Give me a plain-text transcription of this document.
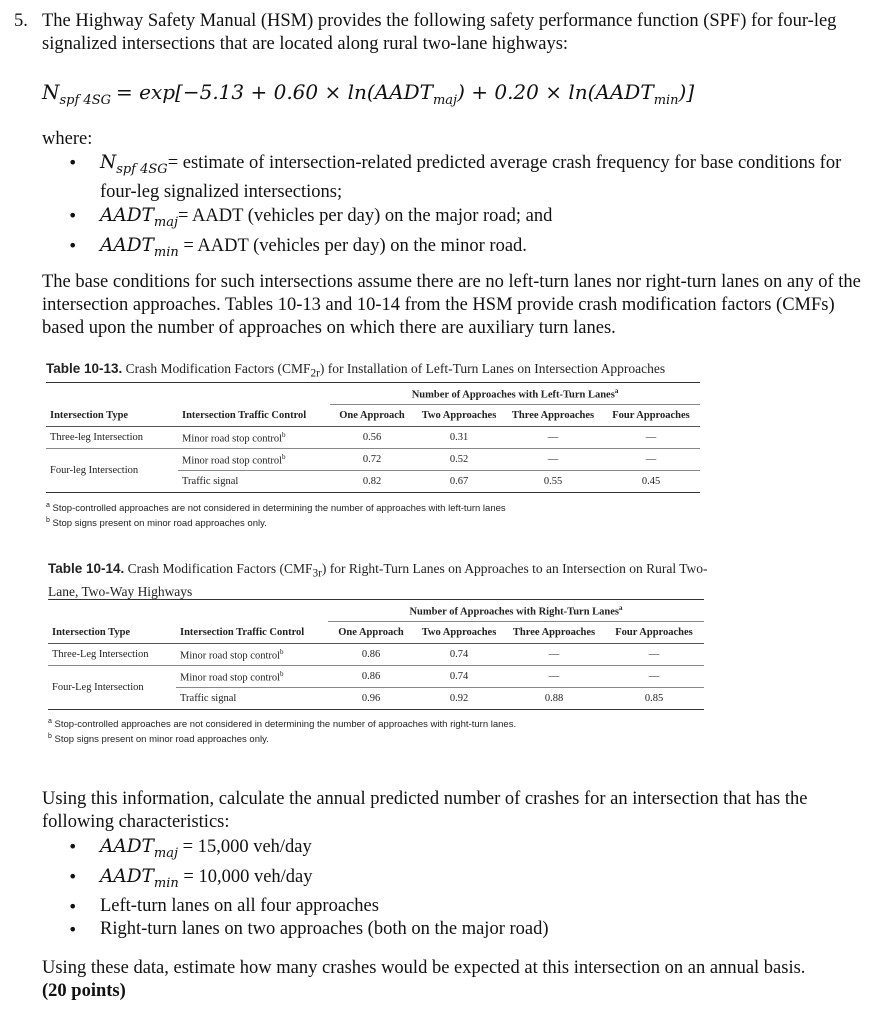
5. The Highway Safety Manual (HSM) provides the following safety performance function (SPF) for four-leg signalized intersections that are located along rural two-lane highways:
$N_{spf 4SG} = \exp[-5.13 + 0.60$ × $\ln(AADT_{maj}) + 0.20$ × $\ln(AADT_{min})$]
where:
• $N_{spf 4SG}=$ estimate of intersection-related predicted average crash frequency for base conditions for four-leg signalized intersections;
• $AADT_{maj}=$ AADT (vehicles per day) on the major road; and
• $AADT_{min}$ = AADT (vehicles per day) on the minor road.
The base conditions for such intersections assume there are no left-turn lanes nor right-turn lanes on any of the intersection approaches. Tables 10-13 and 10-14 from the HSM provide crash modification factors (CMFs) based upon the number of approaches on which there are auxiliary turn lanes.
Table 10-13. Crash Modification Factors $(CMF_{2r})$ for Installation of Left-Turn Lanes on Intersection Approaches
		Number of Approaches with Left-Turn Lanes$^a$
Intersection Type	Intersection Traffic Control	One Approach	Two Approaches	Three Approaches	Four Approaches
Three-leg Intersection	Minor road stop control$^b$	0.56	0.31	—	—
Four-leg Intersection	Minor road stop control$^b$	0.72	0.52	—	—
	Traffic signal	0.82	0.67	0.55	0.45
$^a$ Stop-controlled approaches are not considered in determining the number of approaches with left-turn lanes
$^b$ Stop signs present on minor road approaches only.
Table 10-14. Crash Modification Factors $(CMF_{3r})$ for Right-Turn Lanes on Approaches to an Intersection on Rural Two-Lane, Two-Way Highways
		Number of Approaches with Right-Turn Lanes$^a$
Intersection Type	Intersection Traffic Control	One Approach	Two Approaches	Three Approaches	Four Approaches
Three-Leg Intersection	Minor road stop control$^b$	0.86	0.74	—	—
Four-Leg Intersection	Minor road stop control$^b$	0.86	0.74	—	—
	Traffic signal	0.96	0.92	0.88	0.85
$^a$ Stop-controlled approaches are not considered in determining the number of approaches with right-turn lanes.
$^b$ Stop signs present on minor road approaches only.
Using this information, calculate the annual predicted number of crashes for an intersection that has the following characteristics:
• $AADT_{maj} = 15,000$ veh/day
• $AADT_{min} = 10,000$ veh/day
• Left-turn lanes on all four approaches
• Right-turn lanes on two approaches (both on the major road)
Using these data, estimate how many crashes would be expected at this intersection on an annual basis.
(20 points)
